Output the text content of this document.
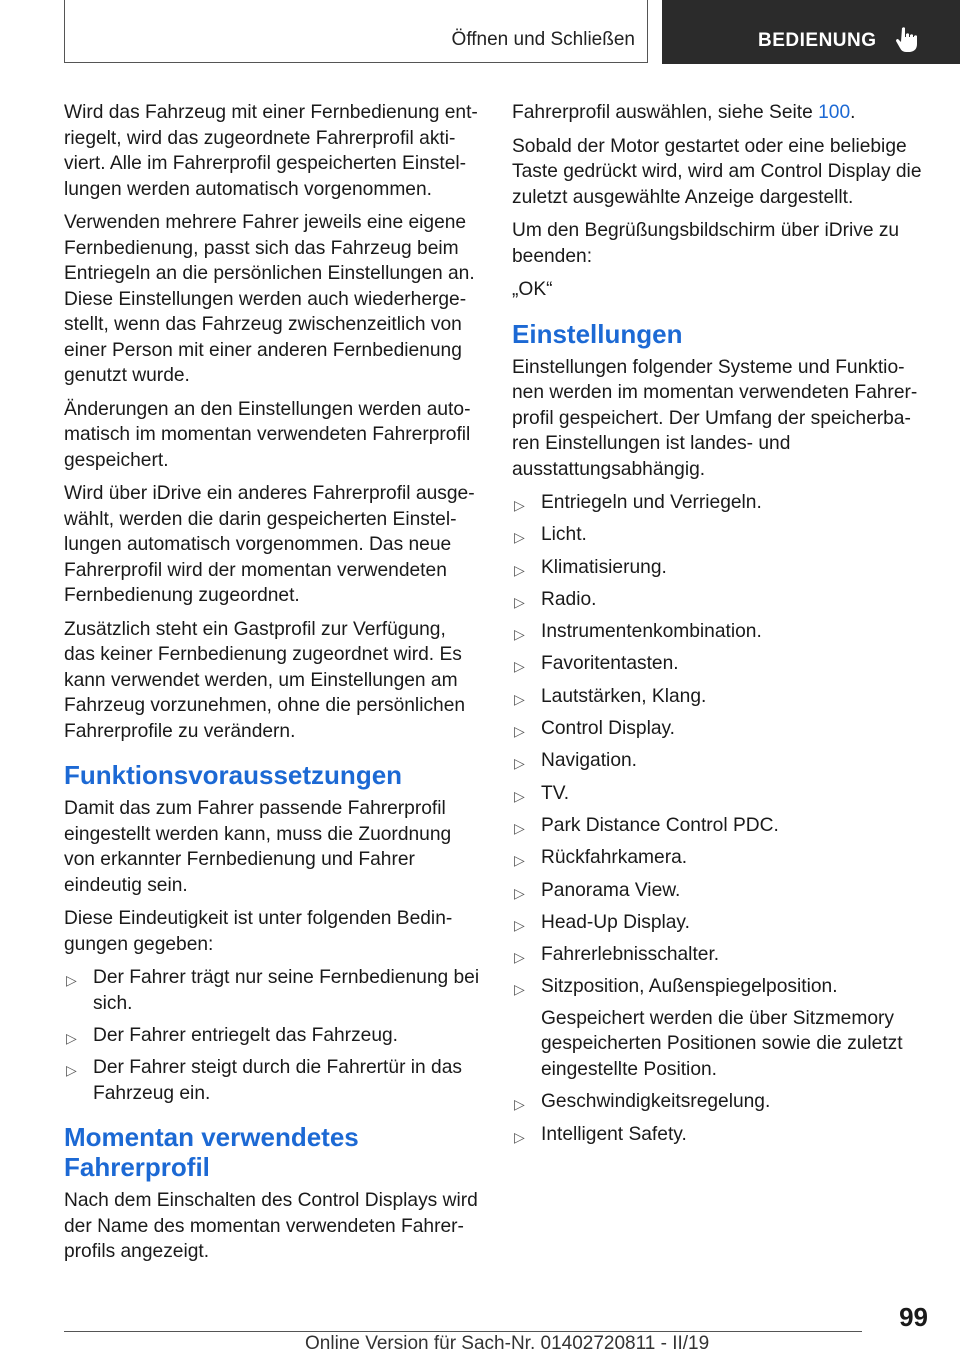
Öffnen und Schließen	BEDIENUNG

Wird das Fahrzeug mit einer Fernbedienung entriegelt, wird das zugeordnete Fahrerprofil aktiviert. Alle im Fahrerprofil gespeicherten Einstellungen werden automatisch vorgenommen.

Verwenden mehrere Fahrer jeweils eine eigene Fernbedienung, passt sich das Fahrzeug beim Entriegeln an die persönlichen Einstellungen an. Diese Einstellungen werden auch wiederhergestellt, wenn das Fahrzeug zwischenzeitlich von einer Person mit einer anderen Fernbedienung genutzt wurde.

Änderungen an den Einstellungen werden automatisch im momentan verwendeten Fahrerprofil gespeichert.

Wird über iDrive ein anderes Fahrerprofil ausgewählt, werden die darin gespeicherten Einstellungen automatisch vorgenommen. Das neue Fahrerprofil wird der momentan verwendeten Fernbedienung zugeordnet.

Zusätzlich steht ein Gastprofil zur Verfügung, das keiner Fernbedienung zugeordnet wird. Es kann verwendet werden, um Einstellungen am Fahrzeug vorzunehmen, ohne die persönlichen Fahrerprofile zu verändern.

Funktionsvoraussetzungen

Damit das zum Fahrer passende Fahrerprofil eingestellt werden kann, muss die Zuordnung von erkannter Fernbedienung und Fahrer eindeutig sein.

Diese Eindeutigkeit ist unter folgenden Bedingungen gegeben:

▷ Der Fahrer trägt nur seine Fernbedienung bei sich.
▷ Der Fahrer entriegelt das Fahrzeug.
▷ Der Fahrer steigt durch die Fahrertür in das Fahrzeug ein.
Momentan verwendetes Fahrerprofil

Nach dem Einschalten des Control Displays wird der Name des momentan verwendeten Fahrerprofils angezeigt.

Fahrerprofil auswählen, siehe Seite 100.

Sobald der Motor gestartet oder eine beliebige Taste gedrückt wird, wird am Control Display die zuletzt ausgewählte Anzeige dargestellt.

Um den Begrüßungsbildschirm über iDrive zu beenden:

„OK“

Einstellungen

Einstellungen folgender Systeme und Funktionen werden im momentan verwendeten Fahrerprofil gespeichert. Der Umfang der speicherbaren Einstellungen ist landes- und ausstattungsabhängig.

▷ Entriegeln und Verriegeln.
▷ Licht.
▷ Klimatisierung.
▷ Radio.
▷ Instrumentenkombination.
▷ Favoritentasten.
▷ Lautstärken, Klang.
▷ Control Display.
▷ Navigation.
▷ TV.
▷ Park Distance Control PDC.
▷ Rückfahrkamera.
▷ Panorama View.
▷ Head-Up Display.
▷ Fahrerlebnisschalter.
▷ Sitzposition, Außenspiegelposition.
Gespeichert werden die über Sitzmemory gespeicherten Positionen sowie die zuletzt eingestellte Position.
▷ Geschwindigkeitsregelung.
▷ Intelligent Safety.
99
Online Version für Sach-Nr. 01402720811 - II/19
